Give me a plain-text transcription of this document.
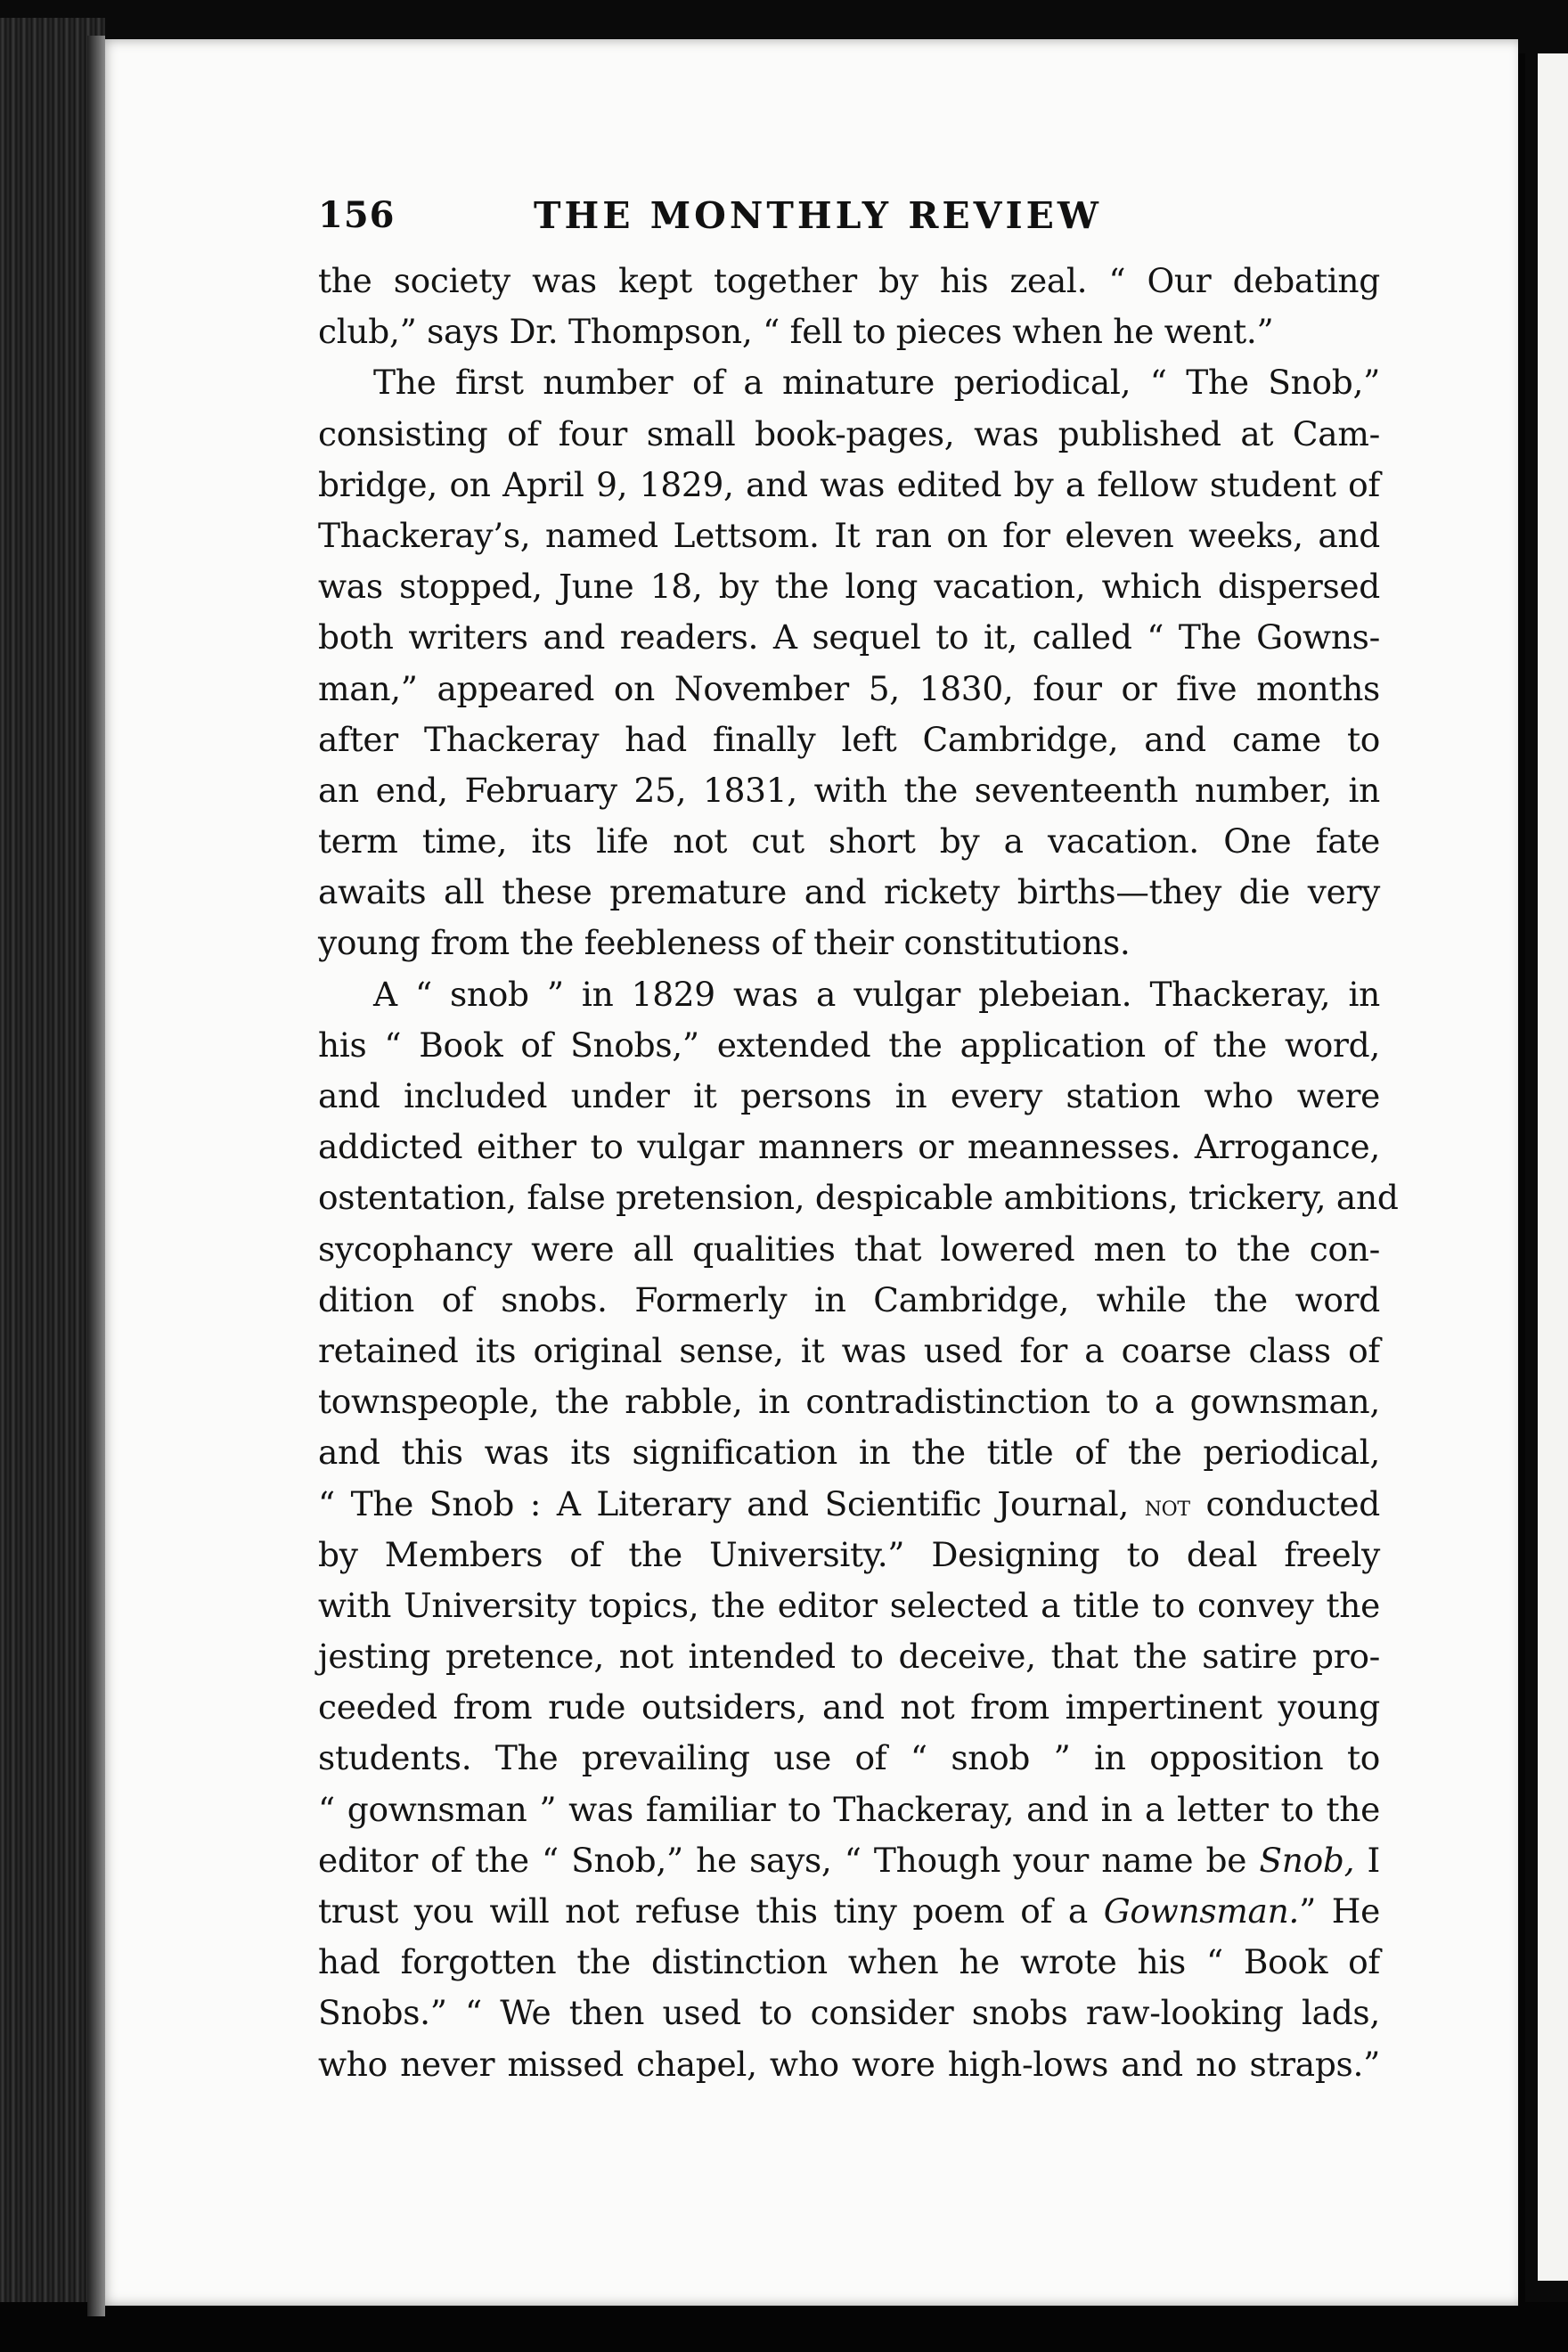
156	THE MONTHLY REVIEW
the society was kept together by his zeal. “ Our debating
club,” says Dr. Thompson, “ fell to pieces when he went.”
The first number of a minature periodical, “ The Snob,”
consisting of four small book-pages, was published at Cam-
bridge, on April 9, 1829, and was edited by a fellow student of
Thackeray’s, named Lettsom. It ran on for eleven weeks, and
was stopped, June 18, by the long vacation, which dispersed
both writers and readers. A sequel to it, called “ The Gowns-
man,” appeared on November 5, 1830, four or five months
after Thackeray had finally left Cambridge, and came to
an end, February 25, 1831, with the seventeenth number, in
term time, its life not cut short by a vacation. One fate
awaits all these premature and rickety births—they die very
young from the feebleness of their constitutions.
A “ snob ” in 1829 was a vulgar plebeian. Thackeray, in
his “ Book of Snobs,” extended the application of the word,
and included under it persons in every station who were
addicted either to vulgar manners or meannesses. Arrogance,
ostentation, false pretension, despicable ambitions, trickery, and
sycophancy were all qualities that lowered men to the con-
dition of snobs. Formerly in Cambridge, while the word
retained its original sense, it was used for a coarse class of
townspeople, the rabble, in contradistinction to a gownsman,
and this was its signification in the title of the periodical,
“ The Snob : A Literary and Scientific Journal, not conducted
by Members of the University.” Designing to deal freely
with University topics, the editor selected a title to convey the
jesting pretence, not intended to deceive, that the satire pro-
ceeded from rude outsiders, and not from impertinent young
students. The prevailing use of “ snob ” in opposition to
“ gownsman ” was familiar to Thackeray, and in a letter to the
editor of the “ Snob,” he says, “ Though your name be Snob, I
trust you will not refuse this tiny poem of a Gownsman.” He
had forgotten the distinction when he wrote his “ Book of
Snobs.” “ We then used to consider snobs raw-looking lads,
who never missed chapel, who wore high-lows and no straps.”
